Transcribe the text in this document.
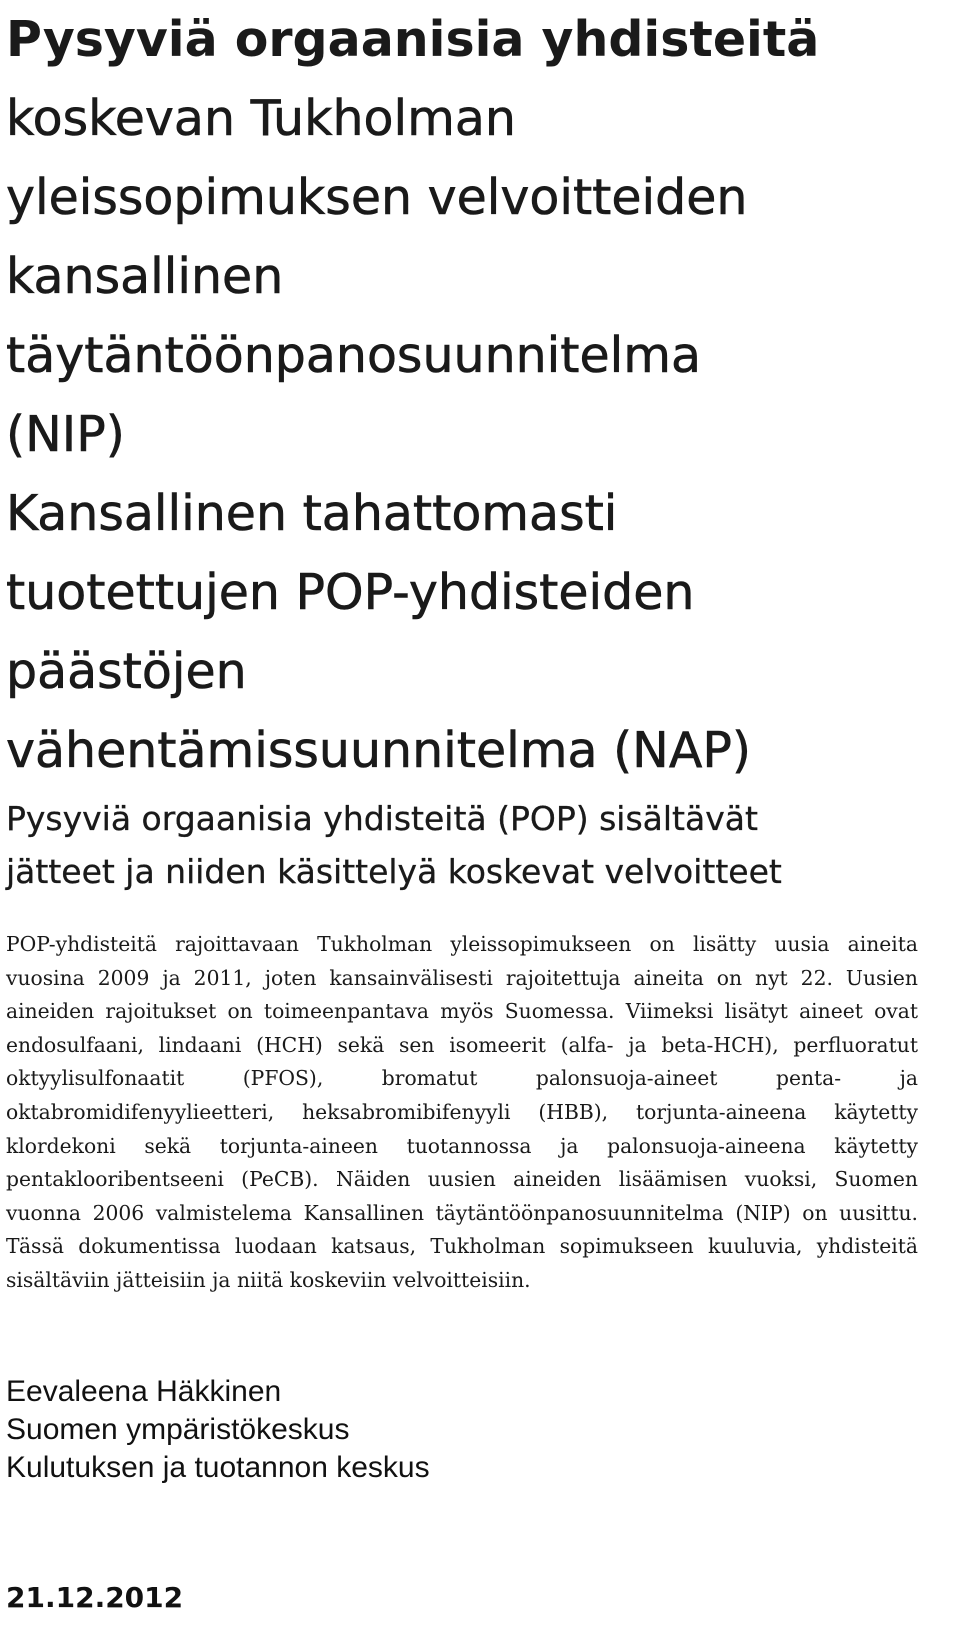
Pysyviä orgaanisia yhdisteitä
koskevan Tukholman
yleissopimuksen velvoitteiden
kansallinen
täytäntöönpanosuunnitelma
(NIP)
Kansallinen tahattomasti
tuotettujen POP-yhdisteiden
päästöjen
vähentämissuunnitelma (NAP)
Pysyviä orgaanisia yhdisteitä (POP) sisältävät
jätteet ja niiden käsittelyä koskevat velvoitteet

POP-yhdisteitä rajoittavaan Tukholman yleissopimukseen on lisätty uusia aineita vuosina 2009 ja 2011, joten kansainvälisesti rajoitettuja aineita on nyt 22. Uusien aineiden rajoitukset on toimeenpantava myös Suomessa. Viimeksi lisätyt aineet ovat endosulfaani, lindaani (HCH) sekä sen isomeerit (alfa- ja beta-HCH), perfluoratut oktyylisulfonaatit (PFOS), bromatut palonsuoja-aineet penta- ja oktabromidifenyylieetteri, heksabromibifenyyli (HBB), torjunta-aineena käytetty klordekoni sekä torjunta-aineen tuotannossa ja palonsuoja-aineena käytetty pentaklooribentseeni (PeCB). Näiden uusien aineiden lisäämisen vuoksi, Suomen vuonna 2006 valmistelema Kansallinen täytäntöönpanosuunnitelma (NIP) on uusittu. Tässä dokumentissa luodaan katsaus, Tukholman sopimukseen kuuluvia, yhdisteitä sisältäviin jätteisiin ja niitä koskeviin velvoitteisiin.

Eevaleena Häkkinen
Suomen ympäristökeskus
Kulutuksen ja tuotannon keskus
21.12.2012
